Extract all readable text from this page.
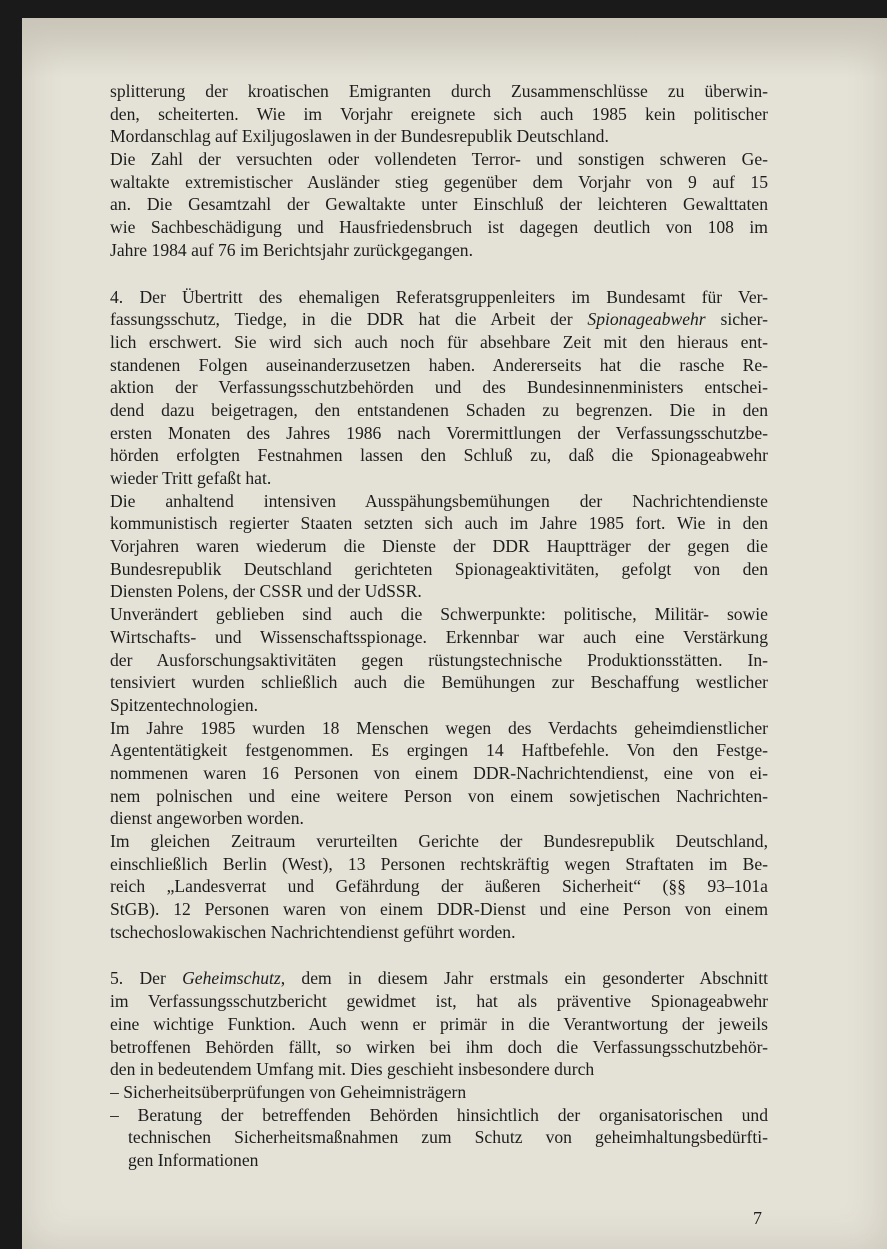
splitterung der kroatischen Emigranten durch Zusammenschlüsse zu überwin-
den, scheiterten. Wie im Vorjahr ereignete sich auch 1985 kein politischer
Mordanschlag auf Exiljugoslawen in der Bundesrepublik Deutschland.
Die Zahl der versuchten oder vollendeten Terror- und sonstigen schweren Ge-
waltakte extremistischer Ausländer stieg gegenüber dem Vorjahr von 9 auf 15
an. Die Gesamtzahl der Gewaltakte unter Einschluß der leichteren Gewalttaten
wie Sachbeschädigung und Hausfriedensbruch ist dagegen deutlich von 108 im
Jahre 1984 auf 76 im Berichtsjahr zurückgegangen.
4. Der Übertritt des ehemaligen Referatsgruppenleiters im Bundesamt für Ver-
fassungsschutz, Tiedge, in die DDR hat die Arbeit der Spionageabwehr sicher-
lich erschwert. Sie wird sich auch noch für absehbare Zeit mit den hieraus ent-
standenen Folgen auseinanderzusetzen haben. Andererseits hat die rasche Re-
aktion der Verfassungsschutzbehörden und des Bundesinnenministers entschei-
dend dazu beigetragen, den entstandenen Schaden zu begrenzen. Die in den
ersten Monaten des Jahres 1986 nach Vorermittlungen der Verfassungsschutzbe-
hörden erfolgten Festnahmen lassen den Schluß zu, daß die Spionageabwehr
wieder Tritt gefaßt hat.
Die anhaltend intensiven Ausspähungsbemühungen der Nachrichtendienste
kommunistisch regierter Staaten setzten sich auch im Jahre 1985 fort. Wie in den
Vorjahren waren wiederum die Dienste der DDR Hauptträger der gegen die
Bundesrepublik Deutschland gerichteten Spionageaktivitäten, gefolgt von den
Diensten Polens, der CSSR und der UdSSR.
Unverändert geblieben sind auch die Schwerpunkte: politische, Militär- sowie
Wirtschafts- und Wissenschaftsspionage. Erkennbar war auch eine Verstärkung
der Ausforschungsaktivitäten gegen rüstungstechnische Produktionsstätten. In-
tensiviert wurden schließlich auch die Bemühungen zur Beschaffung westlicher
Spitzentechnologien.
Im Jahre 1985 wurden 18 Menschen wegen des Verdachts geheimdienstlicher
Agententätigkeit festgenommen. Es ergingen 14 Haftbefehle. Von den Festge-
nommenen waren 16 Personen von einem DDR-Nachrichtendienst, eine von ei-
nem polnischen und eine weitere Person von einem sowjetischen Nachrichten-
dienst angeworben worden.
Im gleichen Zeitraum verurteilten Gerichte der Bundesrepublik Deutschland,
einschließlich Berlin (West), 13 Personen rechtskräftig wegen Straftaten im Be-
reich „Landesverrat und Gefährdung der äußeren Sicherheit“ (§§ 93–101a
StGB). 12 Personen waren von einem DDR-Dienst und eine Person von einem
tschechoslowakischen Nachrichtendienst geführt worden.
5. Der Geheimschutz, dem in diesem Jahr erstmals ein gesonderter Abschnitt
im Verfassungsschutzbericht gewidmet ist, hat als präventive Spionageabwehr
eine wichtige Funktion. Auch wenn er primär in die Verantwortung der jeweils
betroffenen Behörden fällt, so wirken bei ihm doch die Verfassungsschutzbehör-
den in bedeutendem Umfang mit. Dies geschieht insbesondere durch
– Sicherheitsüberprüfungen von Geheimnisträgern
– Beratung der betreffenden Behörden hinsichtlich der organisatorischen und
technischen Sicherheitsmaßnahmen zum Schutz von geheimhaltungsbedürfti-
gen Informationen
7
